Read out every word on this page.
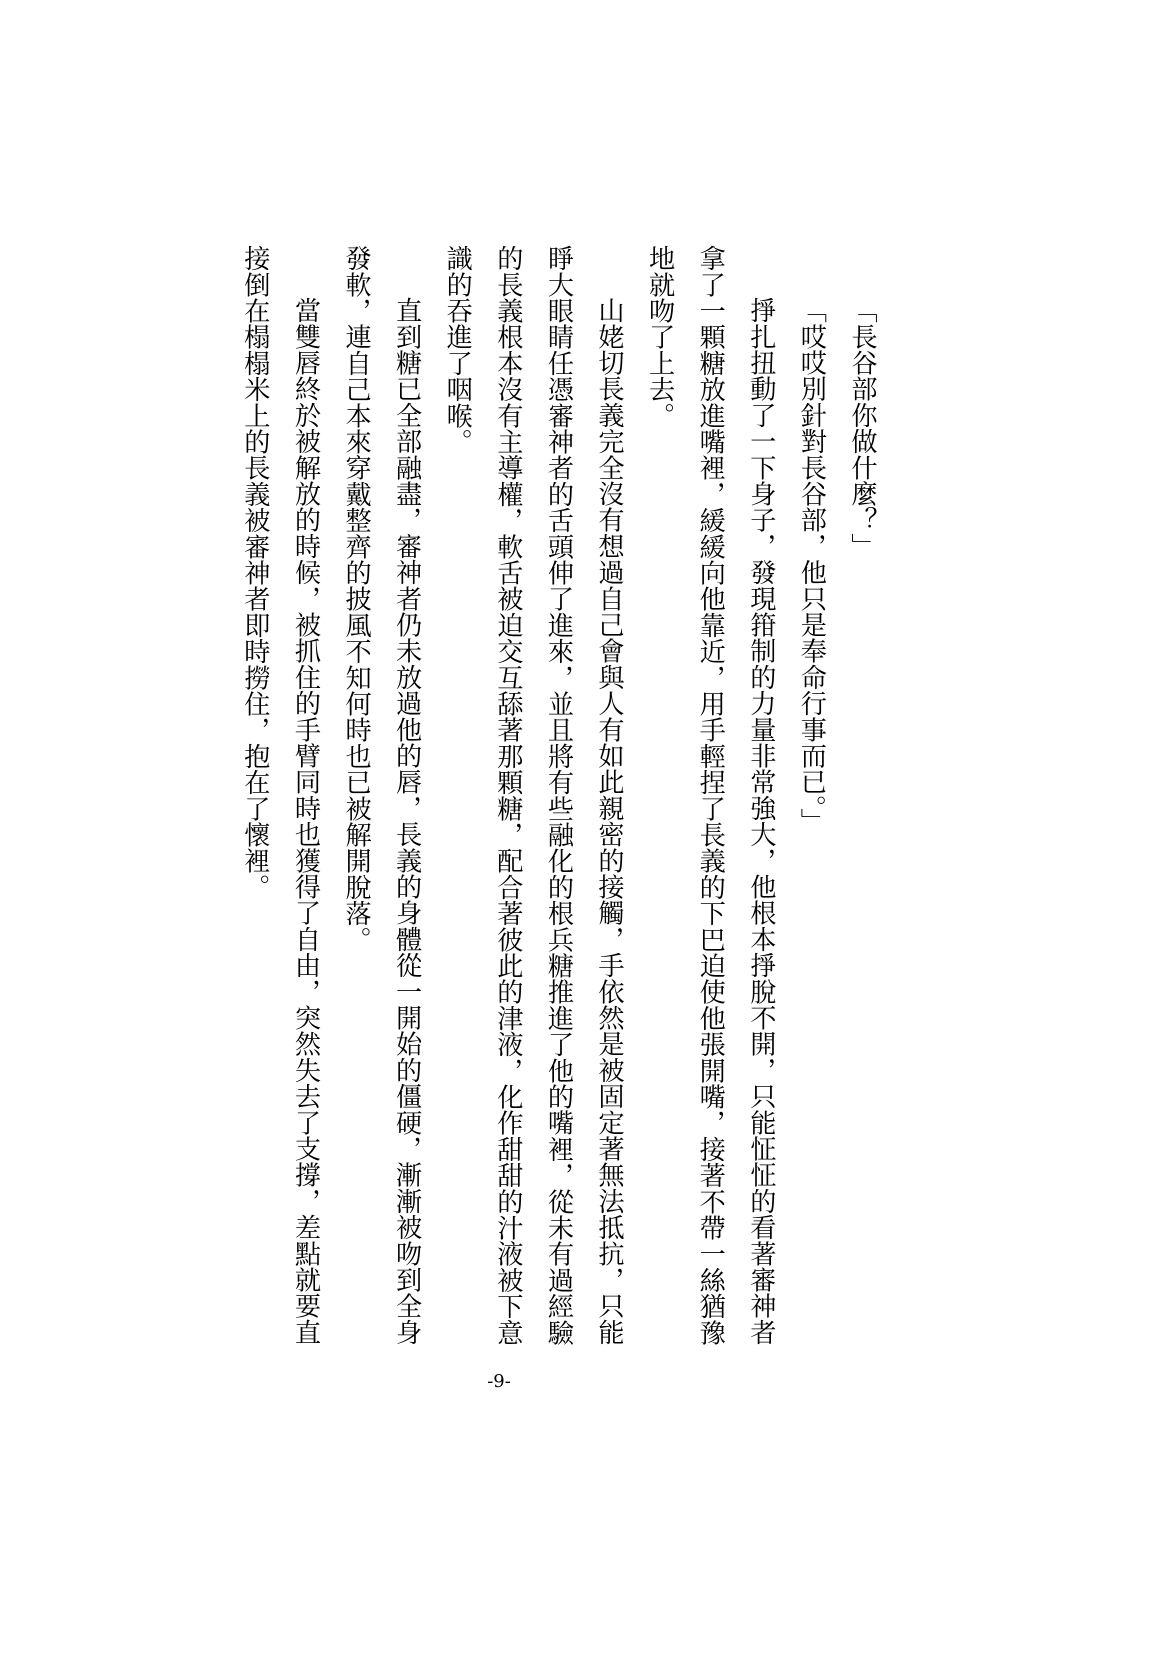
「長谷部你做什麼？」
「哎哎別針對長谷部，他只是奉命行事而已。」
掙扎扭動了一下身子，發現箝制的力量非常強大，他根本掙脫不開，只能怔怔的看著審神者
拿了一顆糖放進嘴裡，緩緩向他靠近，用手輕捏了長義的下巴迫使他張開嘴，接著不帶一絲猶豫
地就吻了上去。
山姥切長義完全沒有想過自己會與人有如此親密的接觸，手依然是被固定著無法抵抗，只能
睜大眼睛任憑審神者的舌頭伸了進來，並且將有些融化的根兵糖推進了他的嘴裡，從未有過經驗
的長義根本沒有主導權，軟舌被迫交互舔著那顆糖，配合著彼此的津液，化作甜甜的汁液被下意
識的吞進了咽喉。
直到糖已全部融盡，審神者仍未放過他的唇，長義的身體從一開始的僵硬，漸漸被吻到全身
發軟，連自己本來穿戴整齊的披風不知何時也已被解開脫落。
當雙唇終於被解放的時候，被抓住的手臂同時也獲得了自由，突然失去了支撐，差點就要直
接倒在榻榻米上的長義被審神者即時撈住，抱在了懷裡。
-9-
